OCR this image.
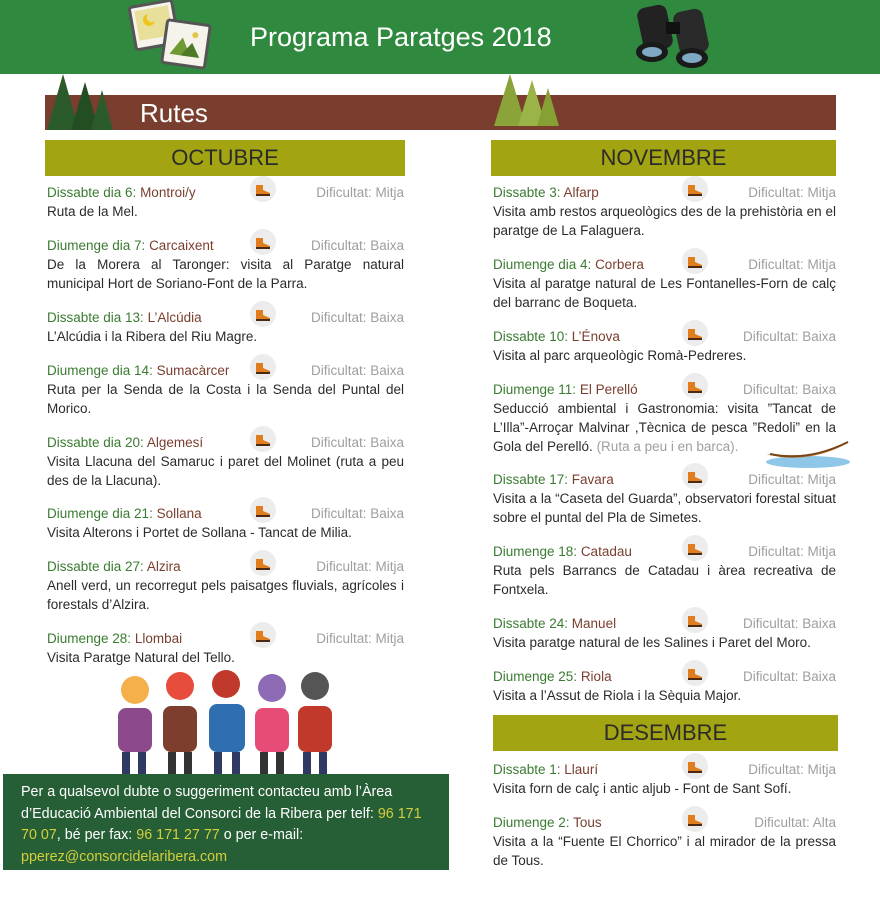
Programa Paratges 2018
Rutes
OCTUBRE	NOVEMBRE
DESEMBRE
Dissabte dia 6: Montroi/y	Dificultat: Mitja
Ruta de la Mel.
Diumenge dia 7: Carcaixent	Dificultat: Baixa
De la Morera al Taronger: visita al Paratge natural municipal Hort de Soriano-Font de la Parra.
Dissabte dia 13: L’Alcúdia	Dificultat: Baixa
L’Alcúdia i la Ribera del Riu Magre.
Diumenge dia 14: Sumacàrcer	Dificultat: Baixa
Ruta per la Senda de la Costa i la Senda del Puntal del Morico.
Dissabte dia 20: Algemesí	Dificultat: Baixa
Visita Llacuna del Samaruc i paret del Molinet (ruta a peu des de la Llacuna).
Diumenge dia 21: Sollana	Dificultat: Baixa
Visita Alterons i Portet de Sollana - Tancat de Milia.
Dissabte dia 27: Alzira	Dificultat: Mitja
Anell verd, un recorregut pels paisatges fluvials, agrícoles i forestals d’Alzira.
Diumenge 28: Llombai	Dificultat: Mitja
Visita Paratge Natural del Tello.
Per a qualsevol dubte o suggeriment contacteu amb l’Àrea d’Educació Ambiental del Consorci de la Ribera per telf: 96 171 70 07, bé per fax: 96 171 27 77 o per e-mail:
pperez@consorcidelaribera.com
Dissabte 3: Alfarp	Dificultat: Mitja
Visita amb restos arqueològics des de la prehistòria en el paratge de La Falaguera.
Diumenge dia 4: Corbera	Dificultat: Mitja
Visita al paratge natural de Les Fontanelles-Forn de calç del barranc de Boqueta.
Dissabte 10: L’Énova	Dificultat: Baixa
Visita al parc arqueològic Romà-Pedreres.
Diumenge 11: El Perelló	Dificultat: Baixa
Seducció ambiental i Gastronomia: visita ”Tancat de L’Illa”-Arroçar Malvinar ,Tècnica de pesca ”Redoli” en la Gola del Perelló. (Ruta a peu i en barca).
Dissabte 17: Favara	Dificultat: Mitja
Visita a la “Caseta del Guarda”, observatori forestal situat sobre el puntal del Pla de Simetes.
Diumenge 18: Catadau	Dificultat: Mitja
Ruta pels Barrancs de Catadau i àrea recreativa de Fontxela.
Dissabte 24: Manuel	Dificultat: Baixa
Visita paratge natural de les Salines i Paret del Moro.
Diumenge 25: Riola	Dificultat: Baixa
Visita a l’Assut de Riola i la Sèquia Major.
Dissabte 1: Llaurí	Dificultat: Mitja
Visita forn de calç i antic aljub - Font de Sant Sofí.
Diumenge 2: Tous	Dificultat: Alta
Visita a la “Fuente El Chorrico” i al mirador de la pressa de Tous.
